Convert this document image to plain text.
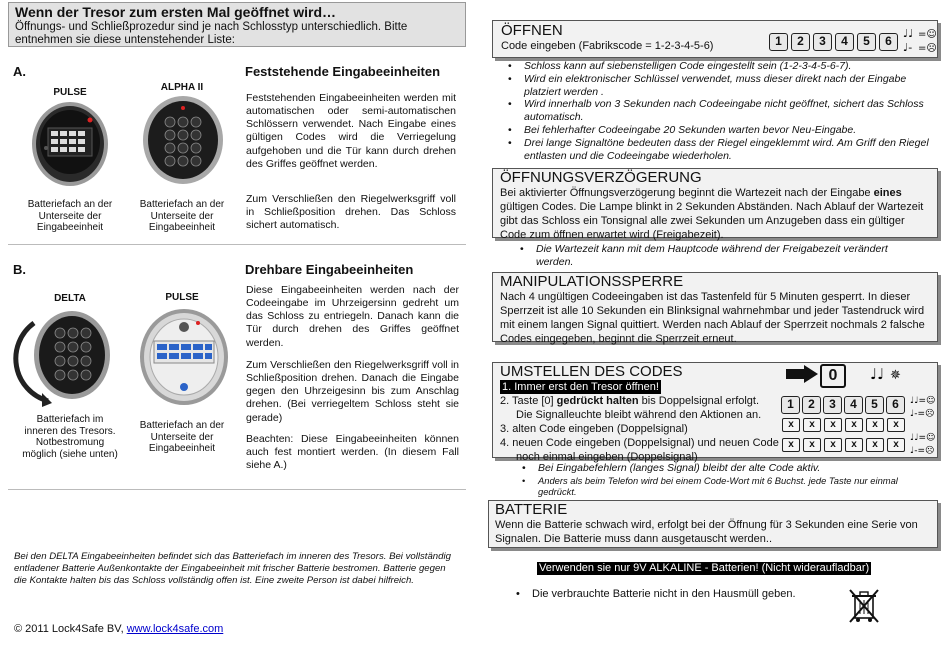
Wenn der Tresor zum ersten Mal geöffnet wird…
Öffnungs- und Schließprozedur sind je nach Schlosstyp unterschiedlich. Bitte
entnehmen sie diese untenstehender Liste:
A.	Feststehende Eingabeeinheiten
PULSE	ALPHA II
Batteriefach an der Unterseite der Eingabeeinheit
Batteriefach an der Unterseite der Eingabeeinheit
Feststehenden Eingabeeinheiten werden mit automatischen oder semi-automatischen Schlössern verwendet. Nach Eingabe eines gültigen Codes wird die Verriegelung aufgehoben und die Tür kann durch drehen des Griffes geöffnet werden.
Zum Verschließen den Riegelwerksgriff voll in Schließposition drehen. Das Schloss sichert automatisch.
B.	Drehbare Eingabeeinheiten
DELTA	PULSE
Batteriefach im inneren des Tresors. Notbestromung möglich (siehe unten)
Batteriefach an der Unterseite der Eingabeeinheit
Diese Eingabeeinheiten werden nach der Codeeingabe im Uhrzeigersinn gedreht um das Schloss zu entriegeln. Danach kann die Tür durch drehen des Griffes geöffnet werden.
Zum Verschließen den Riegelwerksgriff voll in Schließposition drehen. Danach die Eingabe gegen den Uhrzeigesinn bis zum Anschlag drehen. (Bei verriegeltem Schloss steht sie gerade)
Beachten: Diese Eingabeeinheiten können auch fest montiert werden. (In diesem Fall siehe A.)
Bei den DELTA Eingabeeinheiten befindet sich das Batteriefach im inneren des Tresors. Bei vollständig entladener Batterie Außenkontakte der Eingabeeinheit mit frischer Batterie bestromen. Batterie gegen die Kontakte halten bis das Schloss vollständig offen ist. Eine zweite Person ist dabei hilfreich.
© 2011 Lock4Safe BV, www.lock4safe.com
ÖFFNEN
Code eingeben (Fabrikscode = 1-2-3-4-5-6)	1	2	3	4	5	6
♩♩ =☺
♩- =☹
• Schloss kann auf siebenstelligen Code eingestellt sein (1-2-3-4-5-6-7).
• Wird ein elektronischer Schlüssel verwendet, muss dieser direkt nach der Eingabe platziert werden .
• Wird innerhalb von 3 Sekunden nach Codeeingabe nicht geöffnet, sichert das Schloss automatisch.
• Bei fehlerhafter Codeeingabe 20 Sekunden warten bevor Neu-Eingabe.
• Drei lange Signaltöne bedeuten dass der Riegel eingeklemmt wird. Am Griff den Riegel entlasten und die Codeeingabe wiederholen.
ÖFFNUNGSVERZÖGERUNG
Bei aktivierter Öffnungsverzögerung beginnt die Wartezeit nach der Eingabe eines gültigen Codes. Die Lampe blinkt in 2 Sekunden Abständen. Nach Ablauf der Wartezeit gibt das Schloss ein Tonsignal alle zwei Sekunden um Anzugeben dass ein gültiger Code zum öffnen erwartet wird (Freigabezeit).
• Die Wartezeit kann mit dem Hauptcode während der Freigabezeit verändert werden.
MANIPULATIONSSPERRE
Nach 4 ungültigen Codeeingaben ist das Tastenfeld für 5 Minuten gesperrt. In dieser Sperrzeit ist alle 10 Sekunden ein Blinksignal wahrnehmbar und jeder Tastendruck wird mit einem langen Signal quittiert. Werden nach Ablauf der Sperrzeit nochmals 2 falsche Codes eingegeben, beginnt die Sperrzeit erneut.
UMSTELLEN DES CODES
1. Immer erst den Tresor öffnen!
2. Taste [0] gedrückt halten bis Doppelsignal erfolgt.
Die Signalleuchte bleibt während den Aktionen an.
3. alten Code eingeben (Doppelsignal)
4. neuen Code eingeben (Doppelsignal) und neuen Code
noch einmal eingeben (Doppelsignal)
0	♩♩ ✵
1	2	3	4	5	6	♩♩=☺
♩-=☹
x	x	x	x	x	x
x	x	x	x	x	x
♩♩=☺
♩-=☹
• Bei Eingabefehlern (langes Signal) bleibt der alte Code aktiv.
• Anders als beim Telefon wird bei einem Code-Wort mit 6 Buchst. jede Taste nur einmal gedrückt.
BATTERIE
Wenn die Batterie schwach wird, erfolgt bei der Öffnung für 3 Sekunden eine Serie von Signalen. Die Batterie muss dann ausgetauscht werden..
Verwenden sie nur 9V ALKALINE - Batterien! (Nicht wideraufladbar)
• Die verbrauchte Batterie nicht in den Hausmüll geben.
